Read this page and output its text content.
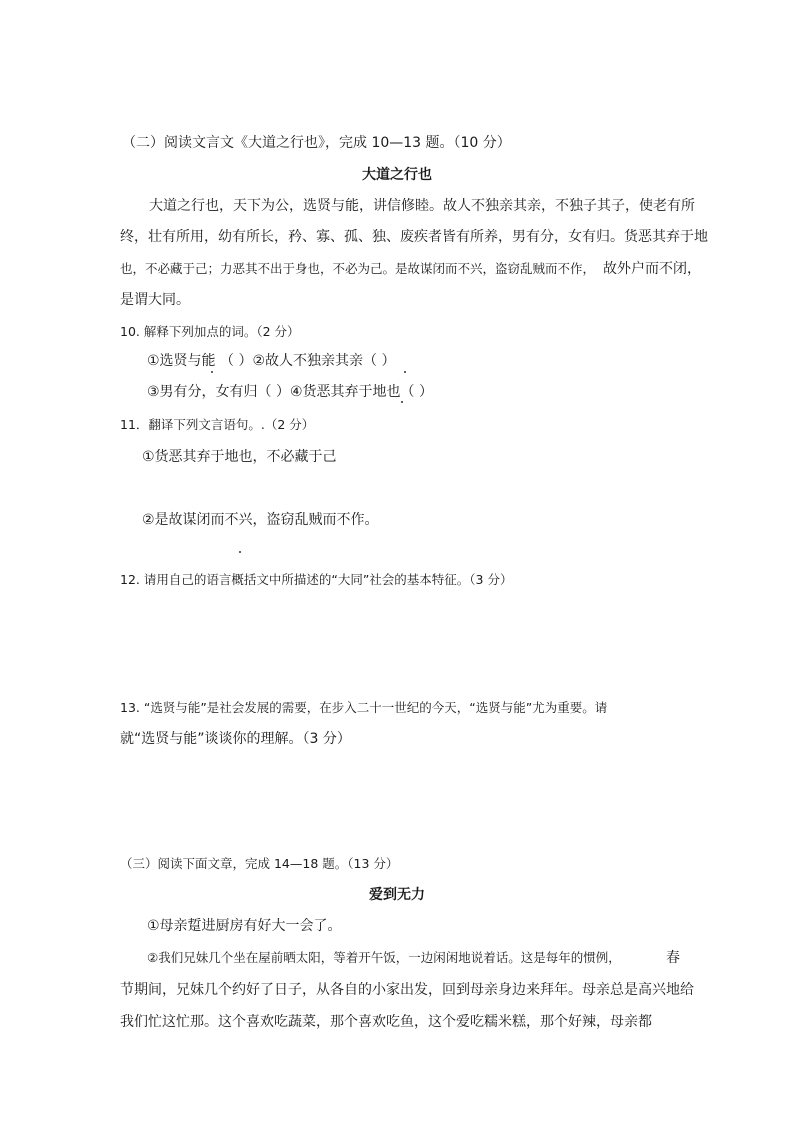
（二）阅读文言文《大道之行也》，完成 10—13 题。（10 分）
大道之行也
大道之行也，天下为公，选贤与能，讲信修睦。故人不独亲其亲，不独子其子，使老有所
终，壮有所用，幼有所长，矜、寡、孤、独、废疾者皆有所养，男有分，女有归。货恶其弃于地
也，不必藏于己；力恶其不出于身也，不必为己。是故谋闭而不兴，盗窃乱贼而不作， 故外户而不闭，
是谓大同。
10. 解释下列加点的词。（2 分）
①选贤与能 （ ）②故人不独亲其亲（ ）
③男有分，女有归（ ）④货恶其弃于地也（ ）
11．翻译下列文言语句。.（2 分）
①货恶其弃于地也，不必藏于己
②是故谋闭而不兴，盗窃乱贼而不作。
12. 请用自己的语言概括文中所描述的“大同”社会的基本特征。（3 分）
13. “选贤与能”是社会发展的需要，在步入二十一世纪的今天，“选贤与能”尤为重要。请
就“选贤与能”谈谈你的理解。（3 分）
（三）阅读下面文章，完成 14—18 题。（13 分）
爱到无力
①母亲踅进厨房有好大一会了。
②我们兄妹几个坐在屋前晒太阳，等着开午饭，一边闲闲地说着话。这是每年的惯例，	春
节期间，兄妹几个约好了日子，从各自的小家出发，回到母亲身边来拜年。母亲总是高兴地给
我们忙这忙那。这个喜欢吃蔬菜，那个喜欢吃鱼，这个爱吃糯米糕，那个好辣，母亲都
